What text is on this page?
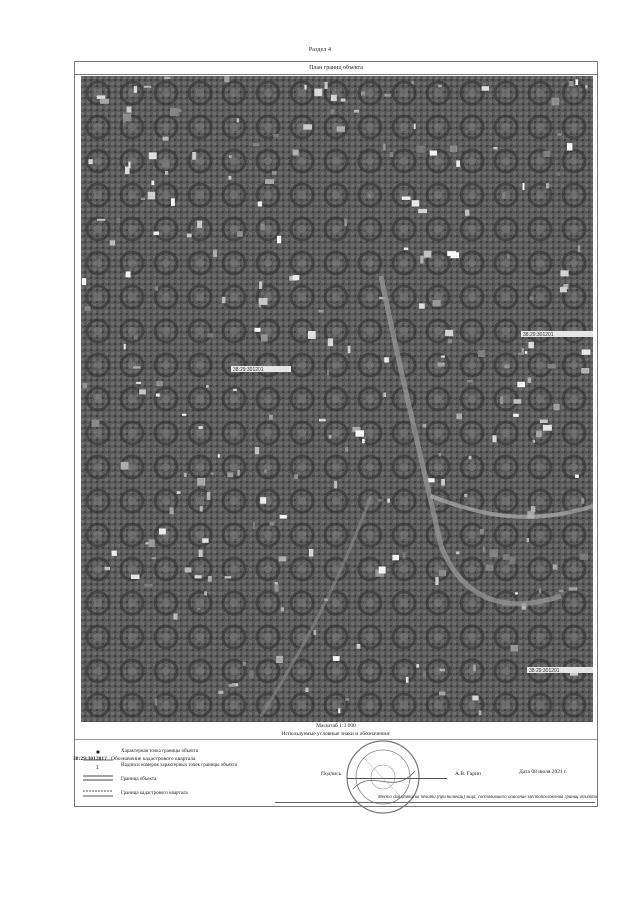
Раздел 4
План границ объекта
38:29:301201
38:29:301201
38:29:301201
Масштаб 1:3 000
Используемые условные знаки и обозначения:
Характерная точка границы объекта
1	Надписи номеров характерных точек границы объекта
Граница объекта
Граница кадастрового квартала
38:29:301201? Обозначение кадастрового квартала
Подпись	А.В. Гарин	Дата 08 июля 2021 г.
Место для оттиска печати (при наличии) лица, составившего описание местоположения границ объекта
